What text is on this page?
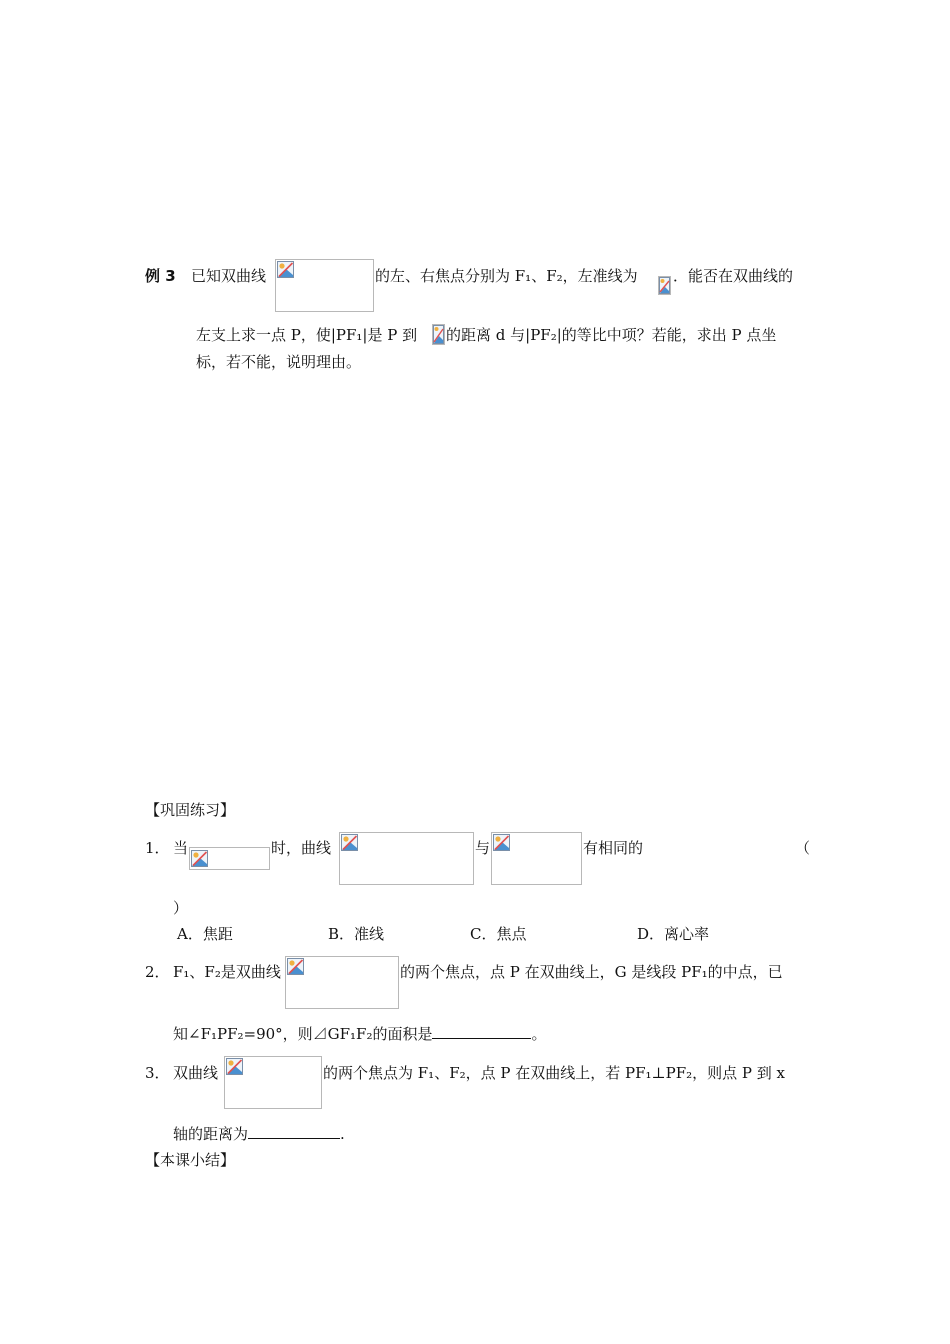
例 3 已知双曲线	的左、右焦点分别为 F₁、F₂，左准线为 ．能否在双曲线的
左支上求一点 P，使|PF₁|是 P 到 的距离 d 与|PF₂|的等比中项？若能，求出 P 点坐
标，若不能，说明理由。
【巩固练习】
1． 当	时，曲线	与	有相同的	（
）
A．焦距	B．准线	C．焦点	D．离心率
2． F₁、F₂是双曲线	的两个焦点，点 P 在双曲线上，G 是线段 PF₁的中点，已
知∠F₁PF₂=90°，则⊿GF₁F₂的面积是	。
3． 双曲线	的两个焦点为 F₁、F₂，点 P 在双曲线上，若 PF₁⊥PF₂，则点 P 到 x
轴的距离为	.
【本课小结】
